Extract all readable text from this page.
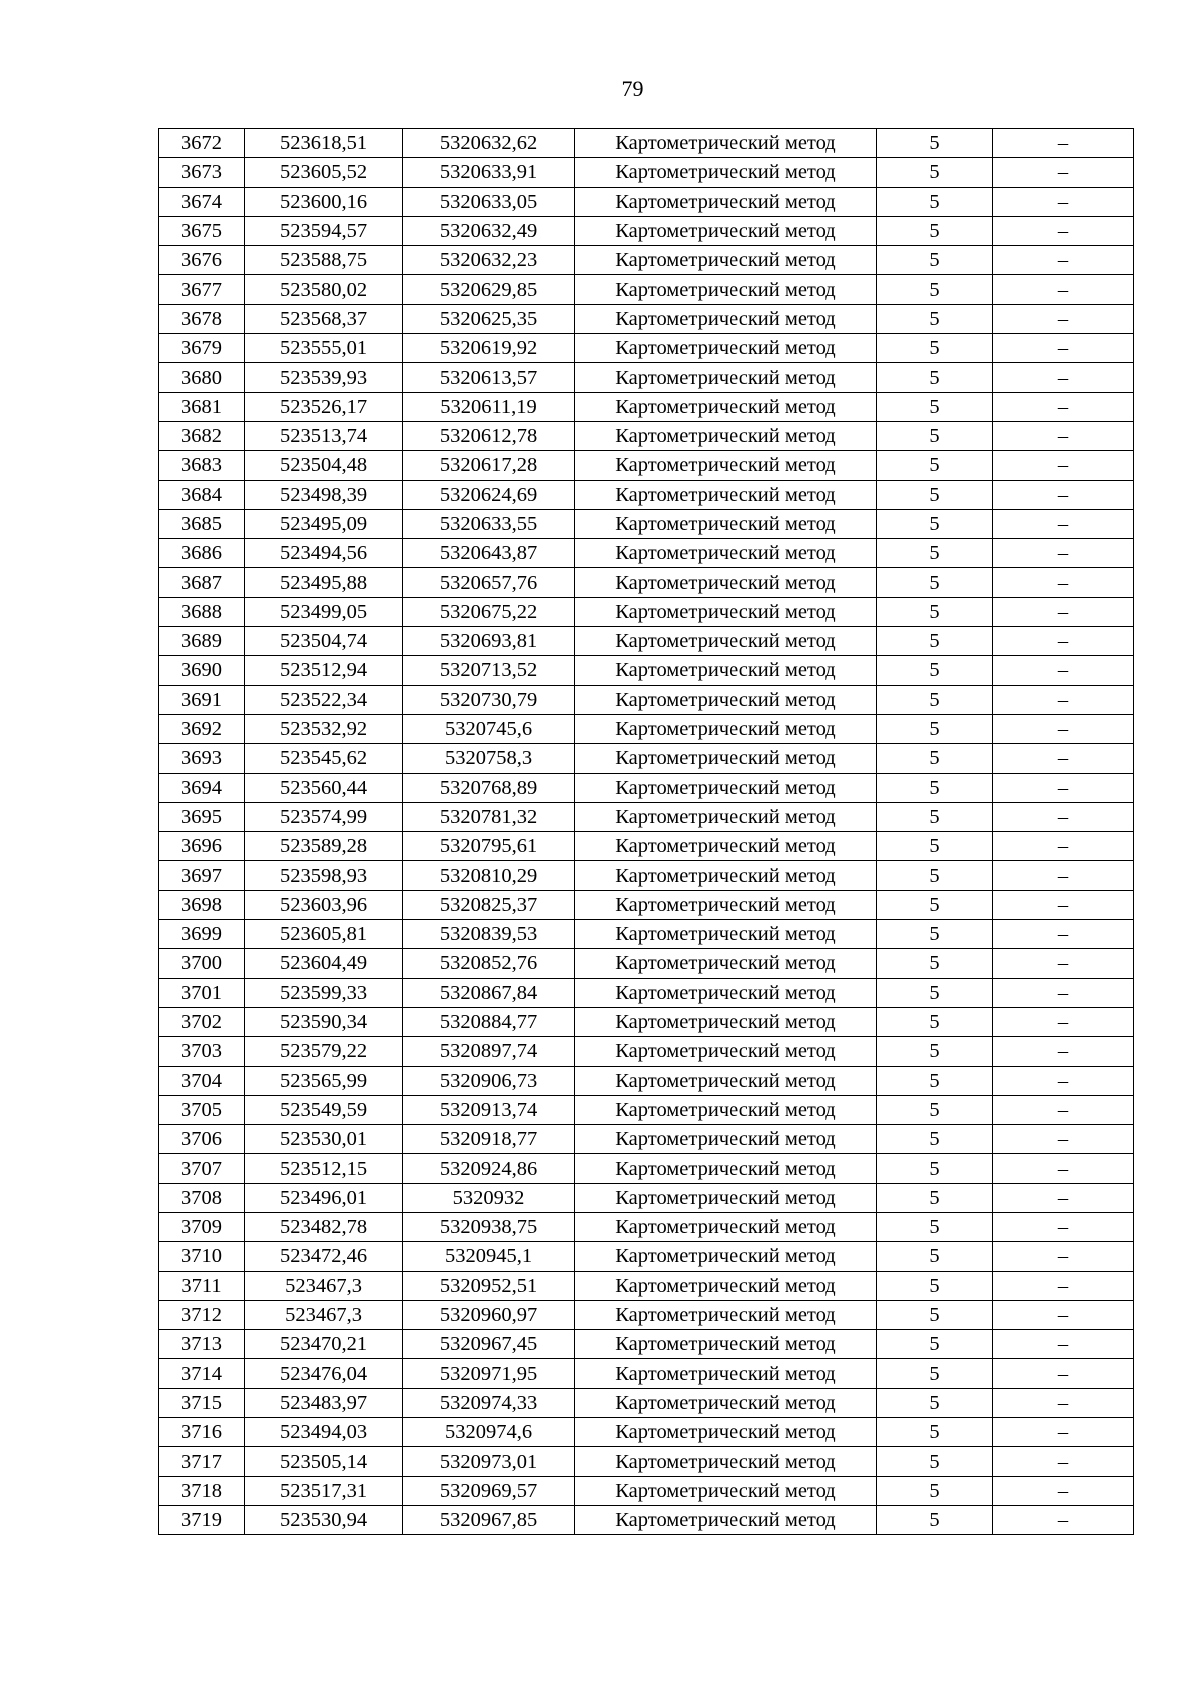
79
3672	523618,51	5320632,62	Картометрический метод	5	–
3673	523605,52	5320633,91	Картометрический метод	5	–
3674	523600,16	5320633,05	Картометрический метод	5	–
3675	523594,57	5320632,49	Картометрический метод	5	–
3676	523588,75	5320632,23	Картометрический метод	5	–
3677	523580,02	5320629,85	Картометрический метод	5	–
3678	523568,37	5320625,35	Картометрический метод	5	–
3679	523555,01	5320619,92	Картометрический метод	5	–
3680	523539,93	5320613,57	Картометрический метод	5	–
3681	523526,17	5320611,19	Картометрический метод	5	–
3682	523513,74	5320612,78	Картометрический метод	5	–
3683	523504,48	5320617,28	Картометрический метод	5	–
3684	523498,39	5320624,69	Картометрический метод	5	–
3685	523495,09	5320633,55	Картометрический метод	5	–
3686	523494,56	5320643,87	Картометрический метод	5	–
3687	523495,88	5320657,76	Картометрический метод	5	–
3688	523499,05	5320675,22	Картометрический метод	5	–
3689	523504,74	5320693,81	Картометрический метод	5	–
3690	523512,94	5320713,52	Картометрический метод	5	–
3691	523522,34	5320730,79	Картометрический метод	5	–
3692	523532,92	5320745,6	Картометрический метод	5	–
3693	523545,62	5320758,3	Картометрический метод	5	–
3694	523560,44	5320768,89	Картометрический метод	5	–
3695	523574,99	5320781,32	Картометрический метод	5	–
3696	523589,28	5320795,61	Картометрический метод	5	–
3697	523598,93	5320810,29	Картометрический метод	5	–
3698	523603,96	5320825,37	Картометрический метод	5	–
3699	523605,81	5320839,53	Картометрический метод	5	–
3700	523604,49	5320852,76	Картометрический метод	5	–
3701	523599,33	5320867,84	Картометрический метод	5	–
3702	523590,34	5320884,77	Картометрический метод	5	–
3703	523579,22	5320897,74	Картометрический метод	5	–
3704	523565,99	5320906,73	Картометрический метод	5	–
3705	523549,59	5320913,74	Картометрический метод	5	–
3706	523530,01	5320918,77	Картометрический метод	5	–
3707	523512,15	5320924,86	Картометрический метод	5	–
3708	523496,01	5320932	Картометрический метод	5	–
3709	523482,78	5320938,75	Картометрический метод	5	–
3710	523472,46	5320945,1	Картометрический метод	5	–
3711	523467,3	5320952,51	Картометрический метод	5	–
3712	523467,3	5320960,97	Картометрический метод	5	–
3713	523470,21	5320967,45	Картометрический метод	5	–
3714	523476,04	5320971,95	Картометрический метод	5	–
3715	523483,97	5320974,33	Картометрический метод	5	–
3716	523494,03	5320974,6	Картометрический метод	5	–
3717	523505,14	5320973,01	Картометрический метод	5	–
3718	523517,31	5320969,57	Картометрический метод	5	–
3719	523530,94	5320967,85	Картометрический метод	5	–
